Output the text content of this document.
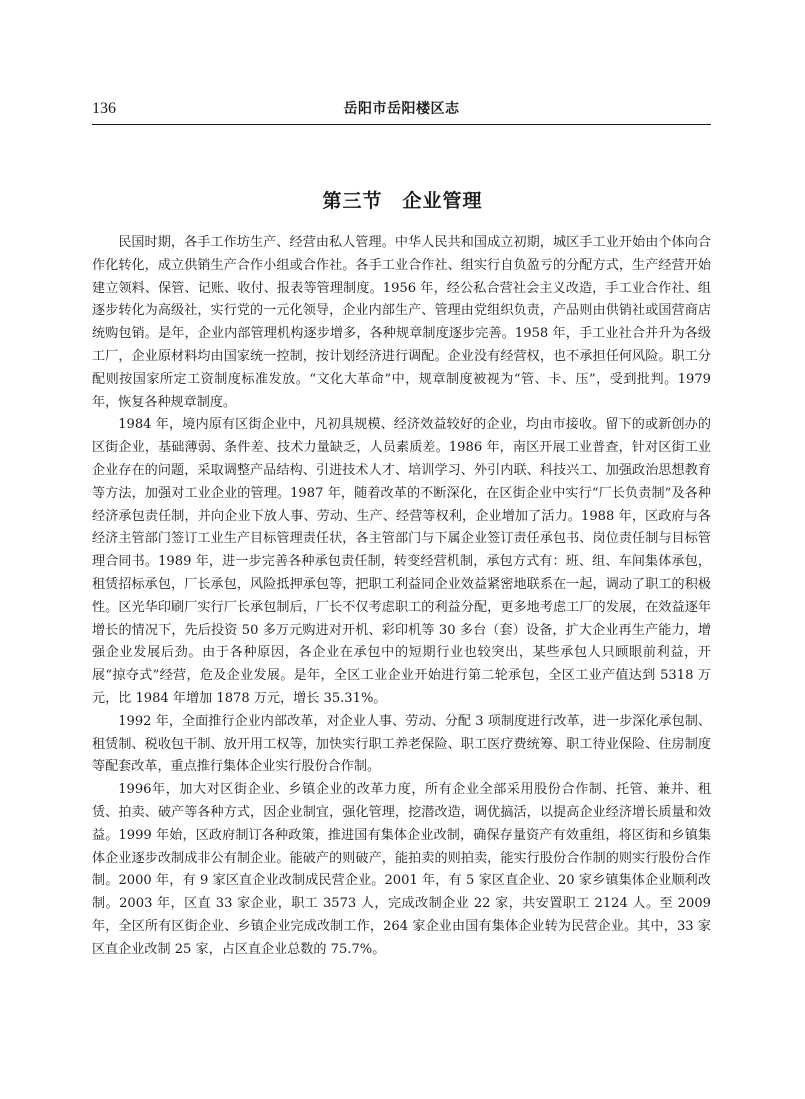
136	岳阳市岳阳楼区志
第三节　企业管理

民国时期，各手工作坊生产、经营由私人管理。中华人民共和国成立初期，城区手工业开始由个体向合作化转化，成立供销生产合作小组或合作社。各手工业合作社、组实行自负盈亏的分配方式，生产经营开始建立领料、保管、记账、收付、报表等管理制度。1956 年，经公私合营社会主义改造，手工业合作社、组逐步转化为高级社，实行党的一元化领导，企业内部生产、管理由党组织负责，产品则由供销社或国营商店统购包销。是年，企业内部管理机构逐步增多，各种规章制度逐步完善。1958 年，手工业社合并升为各级工厂，企业原材料均由国家统一控制，按计划经济进行调配。企业没有经营权，也不承担任何风险。职工分配则按国家所定工资制度标准发放。“文化大革命”中，规章制度被视为“管、卡、压”，受到批判。1979 年，恢复各种规章制度。

1984 年，境内原有区街企业中，凡初具规模、经济效益较好的企业，均由市接收。留下的或新创办的区街企业，基础薄弱、条件差、技术力量缺乏，人员素质差。1986 年，南区开展工业普查，针对区街工业企业存在的问题，采取调整产品结构、引进技术人才、培训学习、外引内联、科技兴工、加强政治思想教育等方法，加强对工业企业的管理。1987 年，随着改革的不断深化，在区街企业中实行“厂长负责制”及各种经济承包责任制，并向企业下放人事、劳动、生产、经营等权利，企业增加了活力。1988 年，区政府与各经济主管部门签订工业生产目标管理责任状，各主管部门与下属企业签订责任承包书、岗位责任制与目标管理合同书。1989 年，进一步完善各种承包责任制，转变经营机制，承包方式有：班、组、车间集体承包，租赁招标承包，厂长承包，风险抵押承包等，把职工利益同企业效益紧密地联系在一起，调动了职工的积极性。区光华印刷厂实行厂长承包制后，厂长不仅考虑职工的利益分配，更多地考虑工厂的发展，在效益逐年增长的情况下，先后投资 50 多万元购进对开机、彩印机等 30 多台（套）设备，扩大企业再生产能力，增强企业发展后劲。由于各种原因，各企业在承包中的短期行业也较突出，某些承包人只顾眼前利益，开展“掠夺式”经营，危及企业发展。是年，全区工业企业开始进行第二轮承包，全区工业产值达到 5318 万元，比 1984 年增加 1878 万元，增长 35.31%。

1992 年，全面推行企业内部改革，对企业人事、劳动、分配 3 项制度进行改革，进一步深化承包制、租赁制、税收包干制、放开用工权等，加快实行职工养老保险、职工医疗费统筹、职工待业保险、住房制度等配套改革，重点推行集体企业实行股份合作制。

1996年，加大对区街企业、乡镇企业的改革力度，所有企业全部采用股份合作制、托管、兼并、租赁、拍卖、破产等各种方式，因企业制宜，强化管理，挖潜改造，调优搞活，以提高企业经济增长质量和效益。1999 年始，区政府制订各种政策，推进国有集体企业改制，确保存量资产有效重组，将区街和乡镇集体企业逐步改制成非公有制企业。能破产的则破产，能拍卖的则拍卖，能实行股份合作制的则实行股份合作制。2000 年，有 9 家区直企业改制成民营企业。2001 年，有 5 家区直企业、20 家乡镇集体企业顺利改制。2003 年，区直 33 家企业，职工 3573 人，完成改制企业 22 家，共安置职工 2124 人。至 2009 年，全区所有区街企业、乡镇企业完成改制工作，264 家企业由国有集体企业转为民营企业。其中，33 家区直企业改制 25 家，占区直企业总数的 75.7%。
